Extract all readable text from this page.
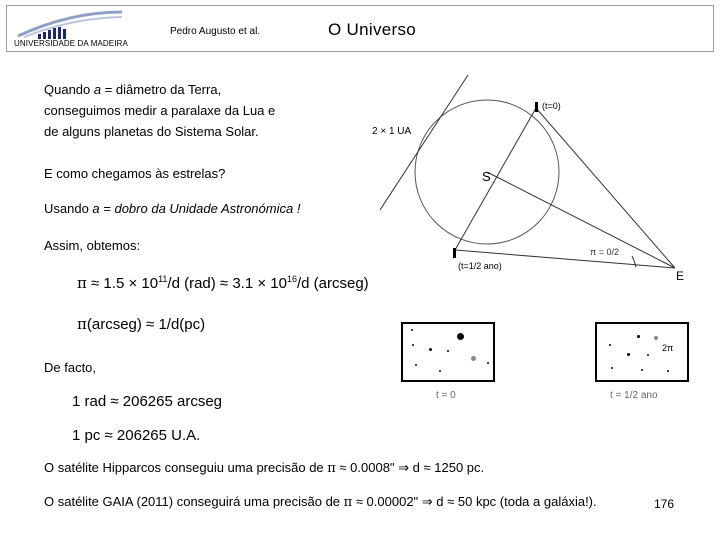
UNIVERSIDADE DA MADEIRA
Pedro Augusto et al.	O Universo
Quando a = diâmetro da Terra,
conseguimos medir a paralaxe da Lua e
de alguns planetas do Sistema Solar.
E como chegamos às estrelas?
Usando a = dobro da Unidade Astronómica !
Assim, obtemos:
$\pi \approx 1.5 \times 10^{11}/d$ $(rad) \approx 3.1 \times 10^{16}/d$ (arcseg)
π(arcseg) ≈ 1/d(pc)
De facto,
1 rad ≈ 206265 arcseg
1 pc ≈ 206265 U.A.
O satélite Hipparcos conseguiu uma precisão de π ≈ 0.0008" ⇒ d ≈ 1250 pc.
O satélite GAIA (2011) conseguirá uma precisão de π ≈ 0.00002" ⇒ d ≈ 50 kpc (toda a galáxia!).	176
(t=0)
2 × 1 UA
S
(t=1/2 ano)
π = 0/2
E
2π
t = 0	t = 1/2 ano
